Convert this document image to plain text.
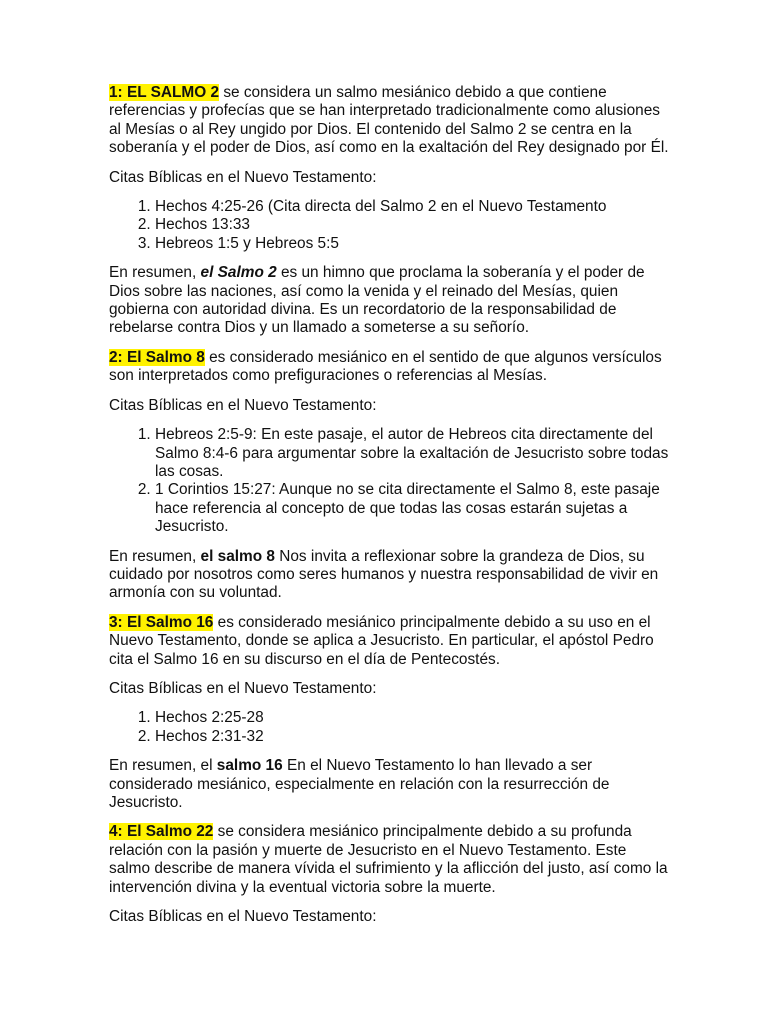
1: EL SALMO 2 se considera un salmo mesiánico debido a que contiene referencias y profecías que se han interpretado tradicionalmente como alusiones al Mesías o al Rey ungido por Dios. El contenido del Salmo 2 se centra en la soberanía y el poder de Dios, así como en la exaltación del Rey designado por Él.

Citas Bíblicas en el Nuevo Testamento:

1. Hechos 4:25-26 (Cita directa del Salmo 2 en el Nuevo Testamento
2. Hechos 13:33
3. Hebreos 1:5 y Hebreos 5:5

En resumen, el Salmo 2 es un himno que proclama la soberanía y el poder de Dios sobre las naciones, así como la venida y el reinado del Mesías, quien gobierna con autoridad divina. Es un recordatorio de la responsabilidad de rebelarse contra Dios y un llamado a someterse a su señorío.

2: El Salmo 8 es considerado mesiánico en el sentido de que algunos versículos son interpretados como prefiguraciones o referencias al Mesías.

Citas Bíblicas en el Nuevo Testamento:

1. Hebreos 2:5-9: En este pasaje, el autor de Hebreos cita directamente del Salmo 8:4-6 para argumentar sobre la exaltación de Jesucristo sobre todas las cosas.
2. 1 Corintios 15:27: Aunque no se cita directamente el Salmo 8, este pasaje hace referencia al concepto de que todas las cosas estarán sujetas a Jesucristo.

En resumen, el salmo 8 Nos invita a reflexionar sobre la grandeza de Dios, su cuidado por nosotros como seres humanos y nuestra responsabilidad de vivir en armonía con su voluntad.

3: El Salmo 16 es considerado mesiánico principalmente debido a su uso en el Nuevo Testamento, donde se aplica a Jesucristo. En particular, el apóstol Pedro cita el Salmo 16 en su discurso en el día de Pentecostés.

Citas Bíblicas en el Nuevo Testamento:

1. Hechos 2:25-28
2. Hechos 2:31-32

En resumen, el salmo 16 En el Nuevo Testamento lo han llevado a ser considerado mesiánico, especialmente en relación con la resurrección de Jesucristo.

4: El Salmo 22 se considera mesiánico principalmente debido a su profunda relación con la pasión y muerte de Jesucristo en el Nuevo Testamento. Este salmo describe de manera vívida el sufrimiento y la aflicción del justo, así como la intervención divina y la eventual victoria sobre la muerte.

Citas Bíblicas en el Nuevo Testamento:
